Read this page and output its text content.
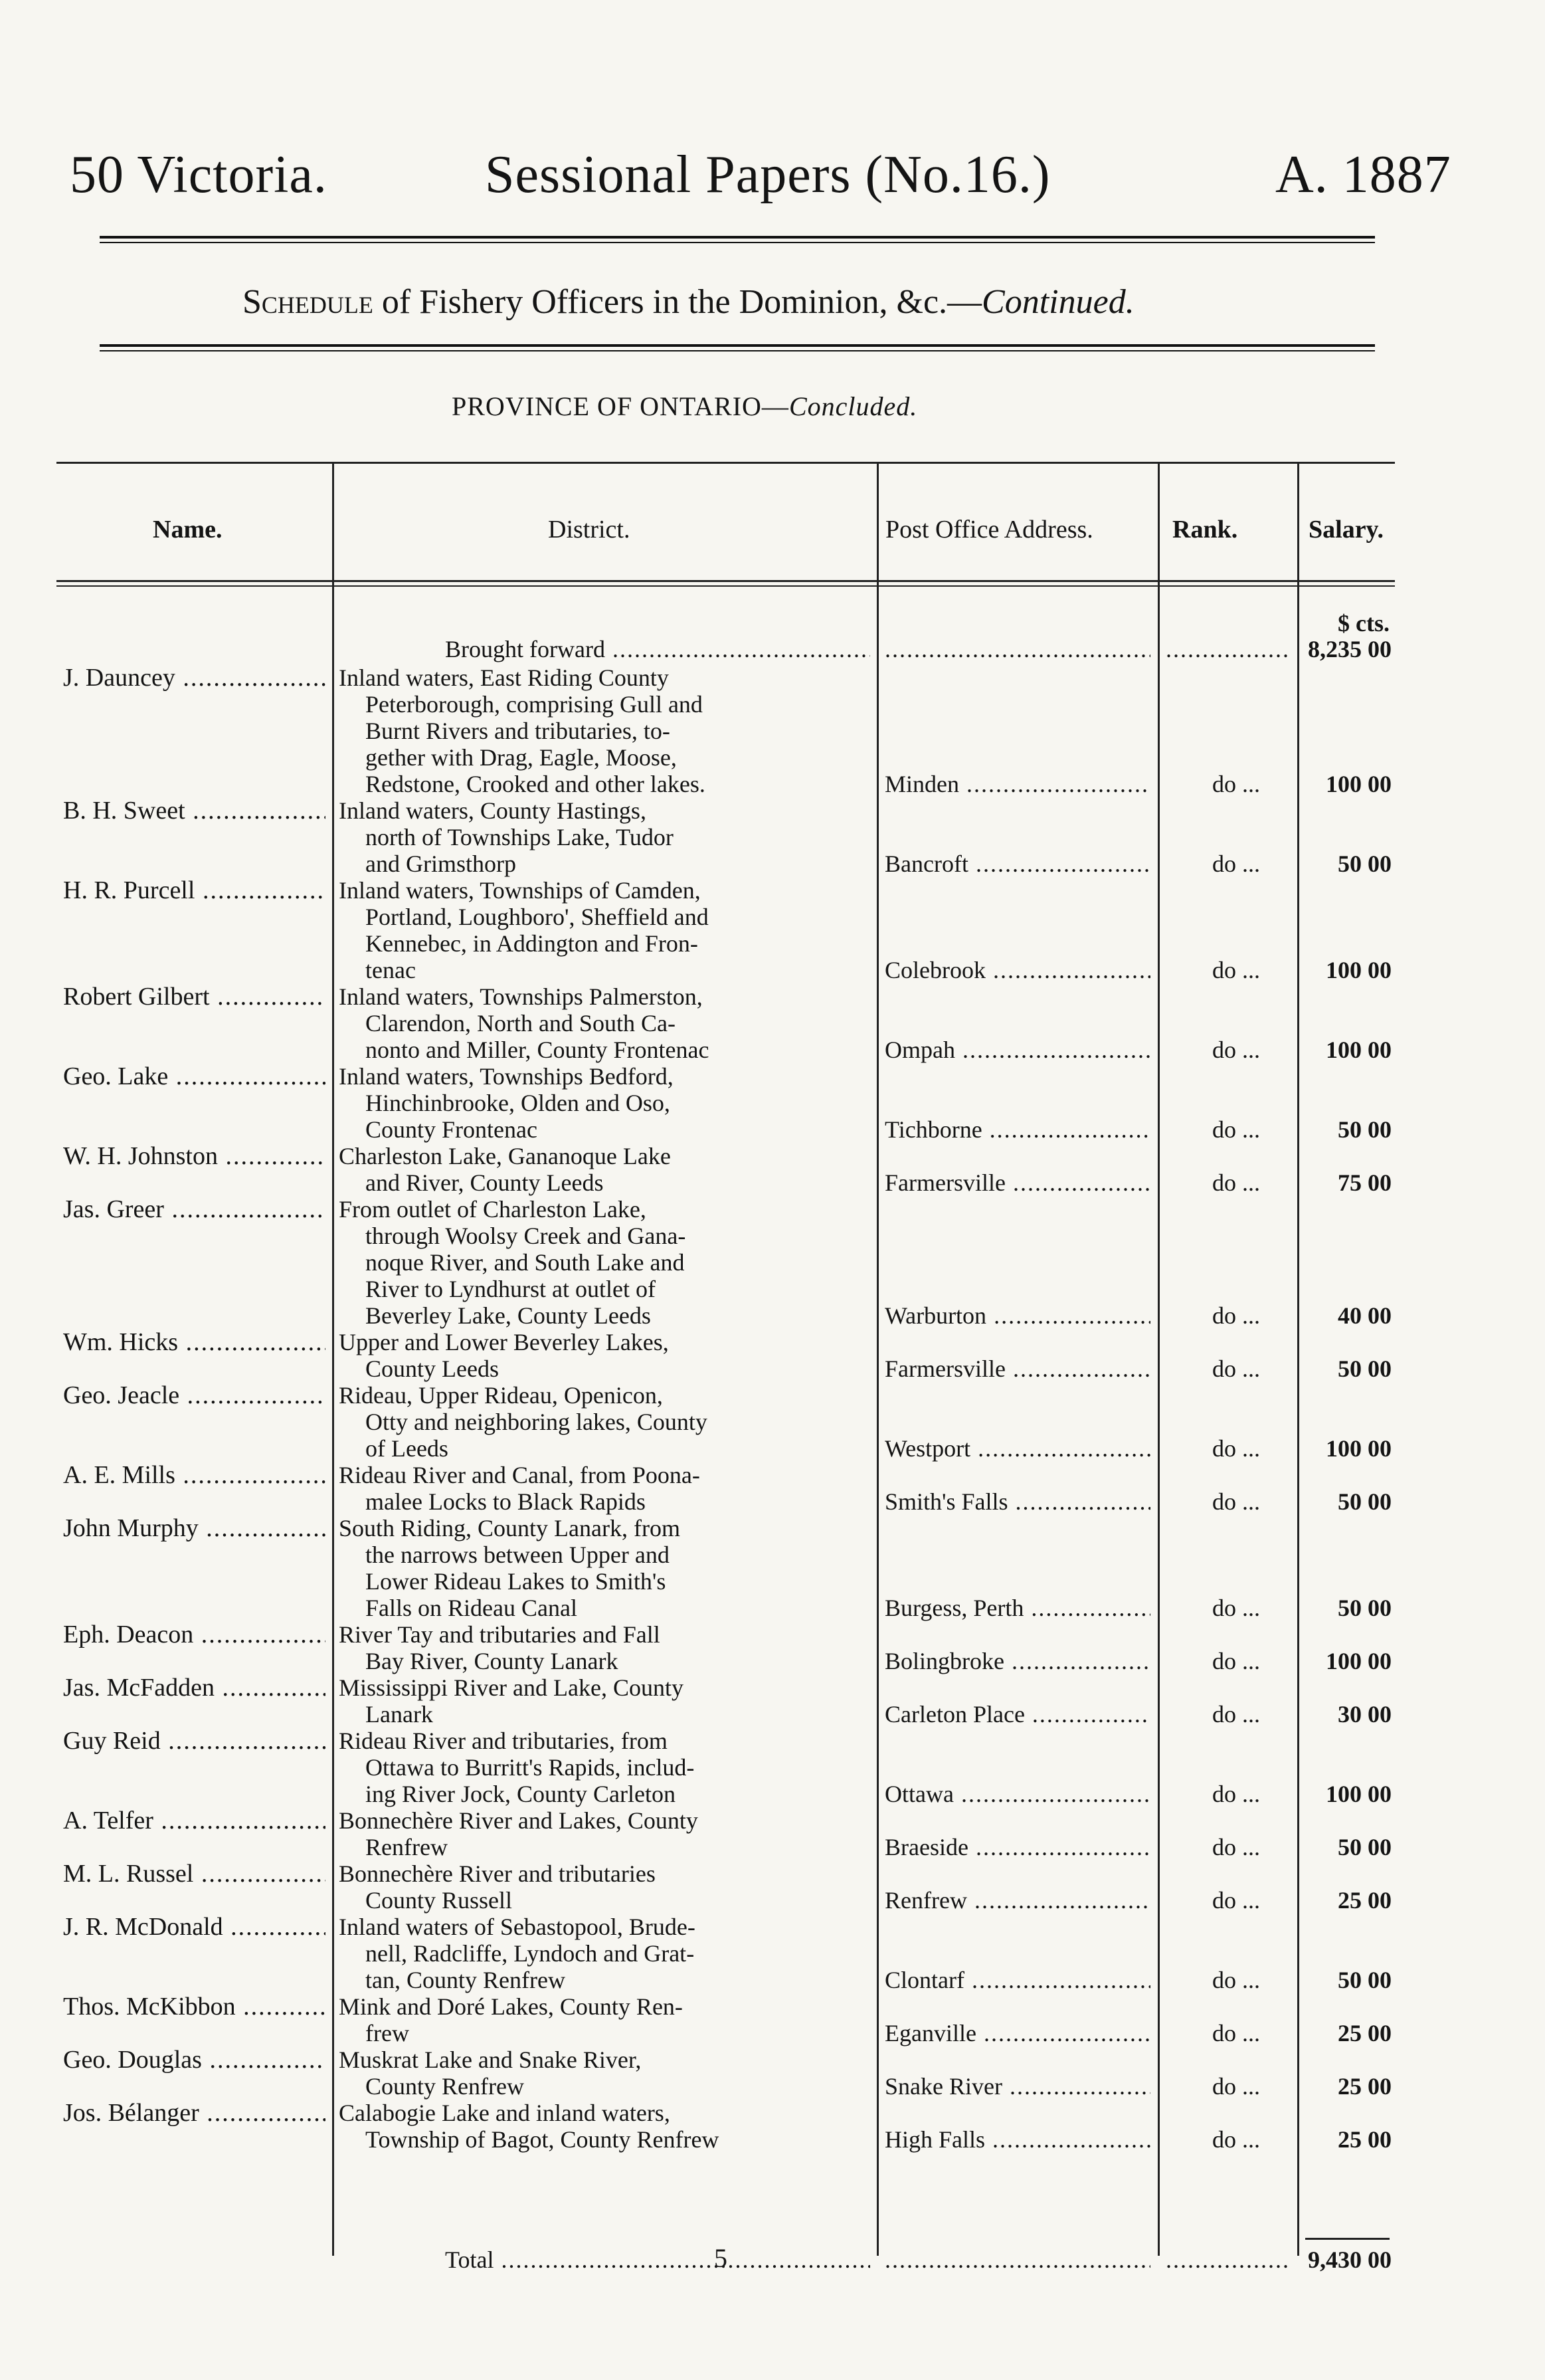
50 Victoria.	Sessional Papers (No.16.)	A. 1887
Schedule of Fishery Officers in the Dominion, &c.—Continued.
PROVINCE OF ONTARIO—Concluded.
Name.	District.	Post Office Address.	Rank.	Salary.
$ cts.
Brought forward ..... ..... .....	8,235 00
J. Dauncey .....	Inland waters, East Riding County
Peterborough, comprising Gull and
Burnt Rivers and tributaries, to-
gether with Drag, Eagle, Moose,
Redstone, Crooked and other lakes.	Minden .....	do ...	100 00
B. H. Sweet .....	Inland waters, County Hastings,
north of Townships Lake, Tudor
and Grimsthorp	Bancroft .....	do ...	50 00
H. R. Purcell .....	Inland waters, Townships of Camden,
Portland, Loughboro', Sheffield and
Kennebec, in Addington and Fron-
tenac	Colebrook .....	do ...	100 00
Robert Gilbert .....	Inland waters, Townships Palmerston,
Clarendon, North and South Ca-
nonto and Miller, County Frontenac	Ompah .....	do ...	100 00
Geo. Lake .....	Inland waters, Townships Bedford,
Hinchinbrooke, Olden and Oso,
County Frontenac	Tichborne .....	do ...	50 00
W. H. Johnston .....	Charleston Lake, Gananoque Lake
and River, County Leeds	Farmersville .....	do ...	75 00
Jas. Greer .....	From outlet of Charleston Lake,
through Woolsy Creek and Gana-
noque River, and South Lake and
River to Lyndhurst at outlet of
Beverley Lake, County Leeds	Warburton .....	do ...	40 00
Wm. Hicks .....	Upper and Lower Beverley Lakes,
County Leeds	Farmersville .....	do ...	50 00
Geo. Jeacle .....	Rideau, Upper Rideau, Openicon,
Otty and neighboring lakes, County
of Leeds	Westport .....	do ...	100 00
A. E. Mills .....	Rideau River and Canal, from Poona-
malee Locks to Black Rapids	Smith's Falls .....	do ...	50 00
John Murphy .....	South Riding, County Lanark, from
the narrows between Upper and
Lower Rideau Lakes to Smith's
Falls on Rideau Canal	Burgess, Perth .....	do ...	50 00
Eph. Deacon .....	River Tay and tributaries and Fall
Bay River, County Lanark	Bolingbroke .....	do ...	100 00
Jas. McFadden .....	Mississippi River and Lake, County
Lanark	Carleton Place .....	do ...	30 00
Guy Reid .....	Rideau River and tributaries, from
Ottawa to Burritt's Rapids, includ-
ing River Jock, County Carleton	Ottawa .....	do ...	100 00
A. Telfer .....	Bonnechère River and Lakes, County
Renfrew	Braeside .....	do ...	50 00
M. L. Russel .....	Bonnechère River and tributaries
County Russell	Renfrew .....	do ...	25 00
J. R. McDonald .....	Inland waters of Sebastopool, Brude-
nell, Radcliffe, Lyndoch and Grat-
tan, County Renfrew	Clontarf .....	do ...	50 00
Thos. McKibbon .....	Mink and Doré Lakes, County Ren-
frew	Eganville .....	do ...	25 00
Geo. Douglas .....	Muskrat Lake and Snake River,
County Renfrew	Snake River .....	do ...	25 00
Jos. Bélanger .....	Calabogie Lake and inland waters,
Township of Bagot, County Renfrew	High Falls .....	do ...	25 00
Total ..... ..... .....	9,430 00
5
